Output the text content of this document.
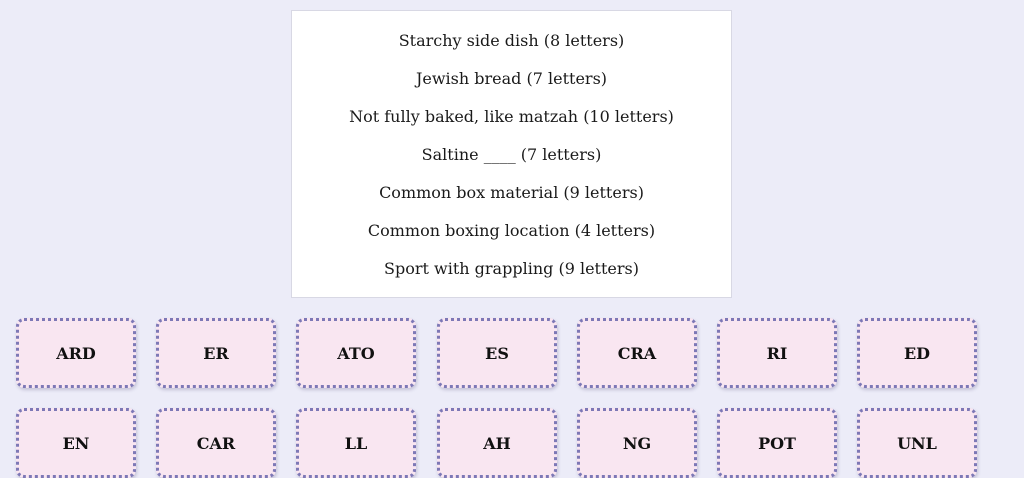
Starchy side dish (8 letters)
Jewish bread (7 letters)
Not fully baked, like matzah (10 letters)
Saltine ____ (7 letters)
Common box material (9 letters)
Common boxing location (4 letters)
Sport with grappling (9 letters)
ARD	ER	ATO	ES	CRA	RI	ED
EN	CAR	LL	AH	NG	POT	UNL
